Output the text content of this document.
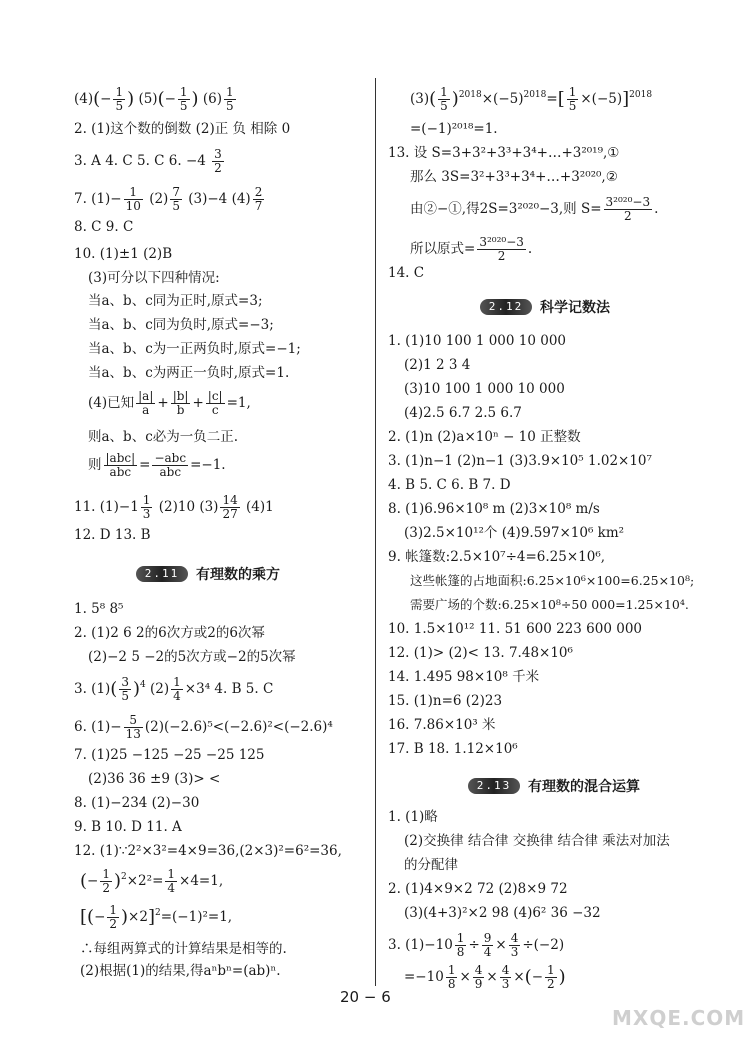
$(4)(- \frac{1}{5}$ ) $(5)(- \frac{1}{5}$ ) $(6) \frac{1}{5}$
2. (1)这个数的倒数 (2)正 负 相除 0
3. A 4. C 5. C 6. $-4 \frac{3}{2}$
7. $(1)- \frac{1}{10} (2) \frac{7}{5} (3)-4$ $(4) \frac{2}{7}$
8. C 9. C
10. (1)±1 (2)B
(3)可分以下四种情况:
当a、b、c同为正时,原式=3;
当a、b、c同为负时,原式=−3;
当a、b、c为一正两负时,原式=−1;
当a、b、c为两正一负时,原式=1.
(4)已知 $\frac{|a|}{a} + \frac{|b|}{b} + \frac{|c|}{c} =1$,
则a、b、c必为一负二正.
则 $\frac{\text{|abc|}}{\text{abc}} = \frac{\text{−abc}}{\text{abc}} =-1$.
11. $(1)-1 \frac{1}{3} (2)10$ $(3) \frac{14}{27} (4)1$
12. D 13. B
2.11	有理数的乘方
1. 5⁸ 8⁵
2. (1)2 6 2的6次方或2的6次幂
(2)−2 5 −2的5次方或−2的5次幂
3. $(1)( \frac{3}{5} )^4$ $(2) \frac{1}{4} \times 3^4$ 4. B 5. C
6. $(1)- \frac{5}{13} (2)(-2.6)^5<(-2.6)^2<(-2.6)^4$
7. (1)25 −125 −25 −25 125
(2)36 36 ±9 (3)> <
8. (1)−234 (2)−30
9. B 10. D 11. A
12. (1)∵2²×3²=4×9=36,(2×3)²=6²=36,
(− $\frac{1}{2} )^2\times 2^2= \frac{1}{4} \times 4=1$,
[(− $\frac{1}{2} )\times 2]^2=(-1)^2=1$,
∴每组两算式的计算结果是相等的.
(2)根据(1)的结果,得aⁿbⁿ=(ab)ⁿ.
$(3)( \frac{1}{5} )^{2018}\times(-5)^{2018}=[ \frac{1}{5} \times(-5)]^{2018}$
=(−1)²⁰¹⁸=1.
13. 设 S=3+3²+3³+3⁴+…+3²⁰¹⁹,①
那么 3S=3²+3³+3⁴+…+3²⁰²⁰,②
由②−①,得2S=3²⁰²⁰−3,则 $S= \frac{\text{3²⁰²⁰−3}}{2}$ .
所以原式= $\frac{\text{3²⁰²⁰−3}}{2}$ .
14. C
2.12	科学记数法
1. (1)10 100 1 000 10 000
(2)1 2 3 4
(3)10 100 1 000 10 000
(4)2.5 6.7 2.5 6.7
2. (1)n (2)a×10ⁿ − 10 正整数
3. (1)n−1 (2)n−1 (3)3.9×10⁵ 1.02×10⁷
4. B 5. C 6. B 7. D
8. (1)6.96×10⁸ m (2)3×10⁸ m/s
(3)2.5×10¹²个 (4)9.597×10⁶ km²
9. 帐篷数:2.5×10⁷÷4=6.25×10⁶,
这些帐篷的占地面积:6.25×10⁶×100=6.25×10⁸;
需要广场的个数:6.25×10⁸÷50 000=1.25×10⁴.
10. 1.5×10¹² 11. 51 600 223 600 000
12. (1)> (2)< 13. 7.48×10⁶
14. 1.495 98×10⁸ 千米
15. (1)n=6 (2)23
16. 7.86×10³ 米
17. B 18. 1.12×10⁶
2.13	有理数的混合运算
1. (1)略
(2)交换律 结合律 交换律 结合律 乘法对加法
的分配律
2. (1)4×9×2 72 (2)8×9 72
(3)(4+3)²×2 98 (4)6² 36 −32
3. $(1)-10 \frac{1}{8} \div \frac{9}{4} \times \frac{4}{3} \div(-2)$
$=-10 \frac{1}{8} \times \frac{4}{9} \times \frac{4}{3}$ ×(− $\frac{1}{2}$ )
20 − 6
MXQE.COM
